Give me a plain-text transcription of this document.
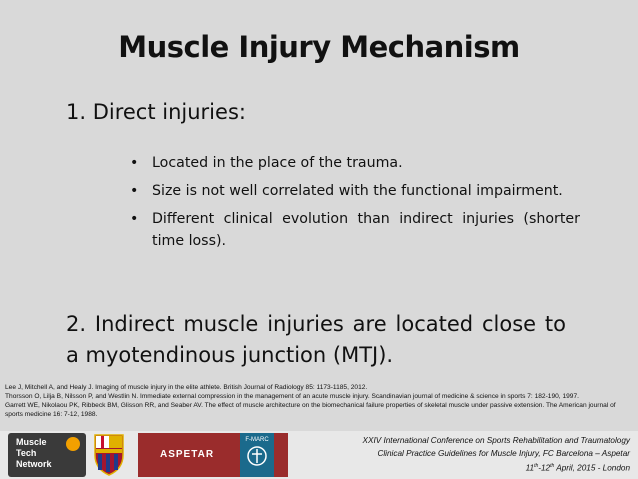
Muscle Injury Mechanism
1. Direct injuries:
• Located in the place of the trauma.
• Size is not well correlated with the functional impairment.
• Different clinical evolution than indirect injuries (shorter time loss).
2. Indirect muscle injuries are located close to a myotendinous junction (MTJ).
Lee J, Mitchell A, and Healy J. Imaging of muscle injury in the elite athlete. British Journal of Radiology 85: 1173-1185, 2012.
Thorsson O, Lilja B, Nilsson P, and Westlin N. Immediate external compression in the management of an acute muscle injury. Scandinavian journal of medicine & science in sports 7: 182-190, 1997.
Garrett WE, Nikolaou PK, Ribbeck BM, Glisson RR, and Seaber AV. The effect of muscle architecture on the biomechanical failure properties of skeletal muscle under passive extension. The American journal of sports medicine 16: 7-12, 1988.
Muscle Tech Network
ASPETAR
F-MARC	XXIV International Conference on Sports Rehabilitation and Traumatology
Clinical Practice Guidelines for Muscle Injury, FC Barcelona – Aspetar
11th-12th April, 2015 - London
